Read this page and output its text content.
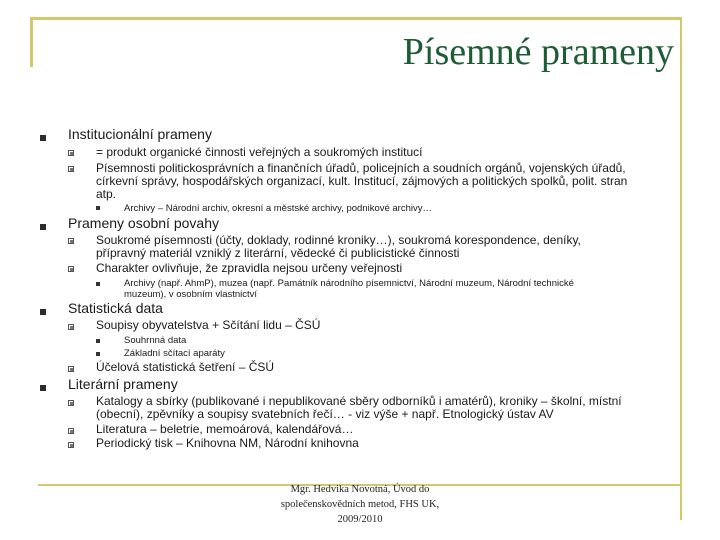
Písemné prameny
Institucionální prameny
= produkt organické činnosti veřejných a soukromých institucí
Písemnosti politickosprávních a finančních úřadů, policejních a soudních orgánů, vojenských úřadů,
církevní správy, hospodářských organizací, kult. Institucí, zájmových a politických spolků, polit. stran
atp.
Archivy – Národní archiv, okresní a městské archivy, podnikové archivy…
Prameny osobní povahy
Soukromé písemnosti (účty, doklady, rodinné kroniky…), soukromá korespondence, deníky,
přípravný materiál vzniklý z literární, vědecké či publicistické činnosti
Charakter ovlivňuje, že zpravidla nejsou určeny veřejnosti
Archivy (např. AhmP), muzea (např. Památník národního písemnictví, Národní muzeum, Národní technické
muzeum), v osobním vlastnictví
Statistická data
Soupisy obyvatelstva + Sčítání lidu – ČSÚ
Souhrnná data
Základní sčítací aparáty
Účelová statistická šetření – ČSÚ
Literární prameny
Katalogy a sbírky (publikované i nepublikované sběry odborníků i amatérů), kroniky – školní, místní
(obecní), zpěvníky a soupisy svatebních řečí… - viz výše + např. Etnologický ústav AV
Literatura – beletrie, memoárová, kalendářová…
Periodický tisk – Knihovna NM, Národní knihovna
Mgr. Hedvika Novotná, Úvod do
společenskovědních metod, FHS UK,
2009/2010
